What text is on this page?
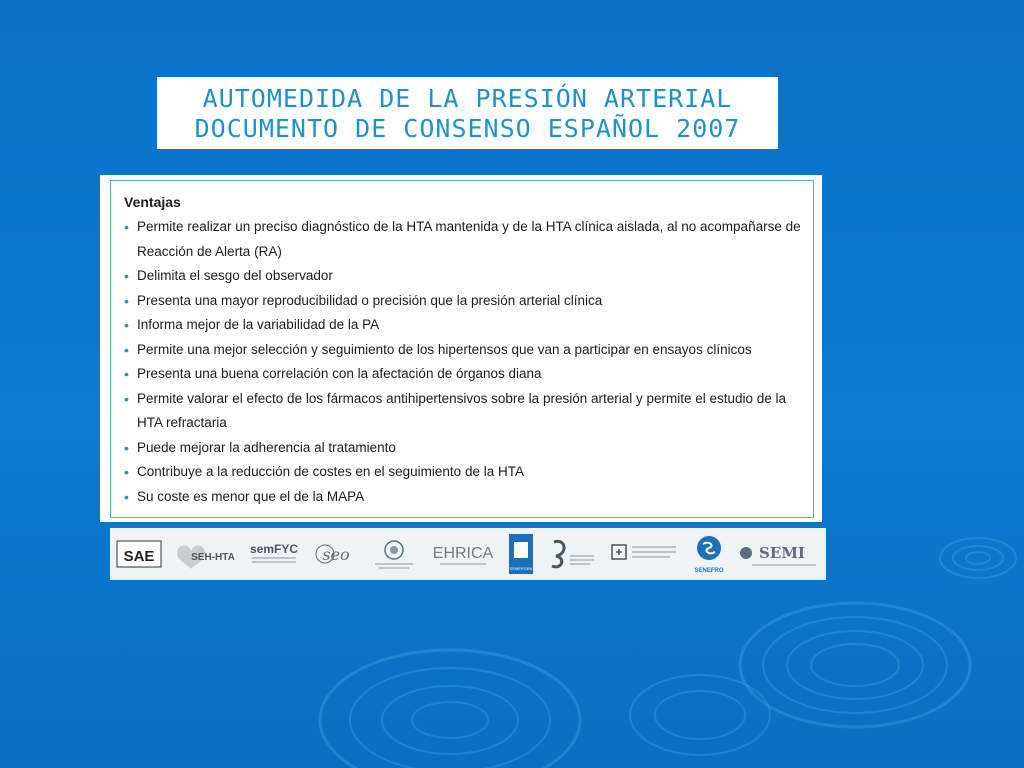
AUTOMEDIDA DE LA PRESIÓN ARTERIAL
DOCUMENTO DE CONSENSO ESPAÑOL 2007
Ventajas
• Permite realizar un preciso diagnóstico de la HTA mantenida y de la HTA clínica aislada, al no acompañarse de Reacción de Alerta (RA)
• Delimita el sesgo del observador
• Presenta una mayor reproducibilidad o precisión que la presión arterial clínica
• Informa mejor de la variabilidad de la PA
• Permite una mejor selección y seguimiento de los hipertensos que van a participar en ensayos clínicos
• Presenta una buena correlación con la afectación de órganos diana
• Permite valorar el efecto de los fármacos antihipertensivos sobre la presión arterial y permite el estudio de la HTA refractaria
• Puede mejorar la adherencia al tratamiento
• Contribuye a la reducción de costes en el seguimiento de la HTA
• Su coste es menor que el de la MAPA
SAE	SEH-HTA
semFYC seo	EHRICA
SEMERGEN	SENEFRO
SEMI
